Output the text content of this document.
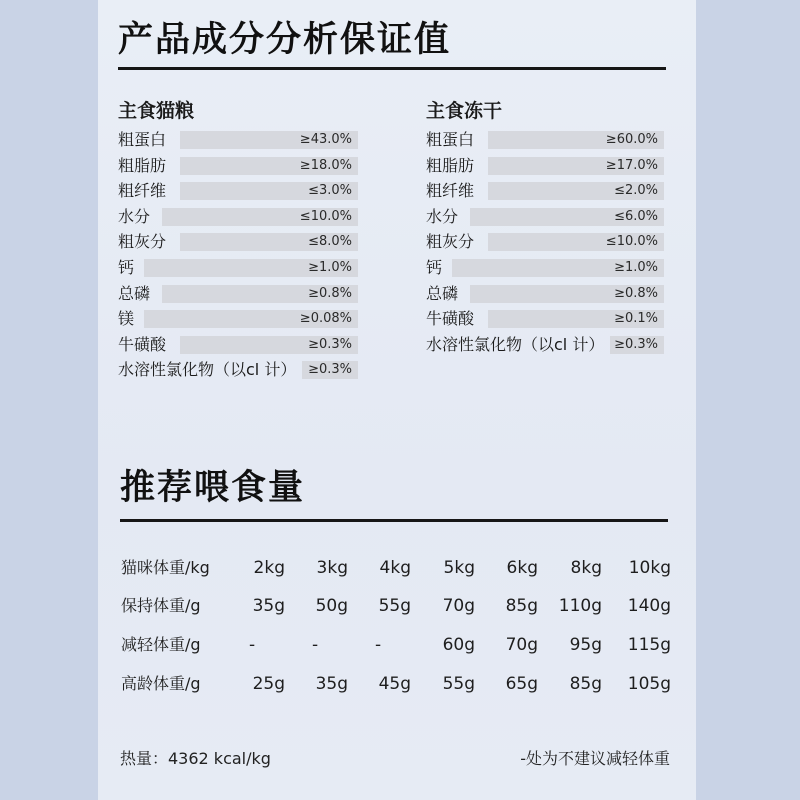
产品成分分析保证值
主食猫粮	主食冻干
粗蛋白	≥43.0%
粗脂肪	≥18.0%
粗纤维	≤3.0%
水分	≤10.0%
粗灰分	≤8.0%
钙	≥1.0%
总磷	≥0.8%
镁	≥0.08%
牛磺酸	≥0.3%
水溶性氯化物（以cl 计） ≥0.3%
粗蛋白	≥60.0%
粗脂肪	≥17.0%
粗纤维	≤2.0%
水分	≤6.0%
粗灰分	≤10.0%
钙	≥1.0%
总磷	≥0.8%
牛磺酸	≥0.1%
水溶性氯化物（以cl 计） ≥0.3%
推荐喂食量
猫咪体重/kg	2kg 3kg 4kg 5kg 6kg 8kg 10kg
保持体重/g	35g 50g 55g 70g 85g 110g 140g
减轻体重/g	-	-	-	60g 70g 95g 115g
高龄体重/g	25g 35g 45g 55g 65g 85g 105g
热量：4362 kcal/kg	-处为不建议减轻体重
